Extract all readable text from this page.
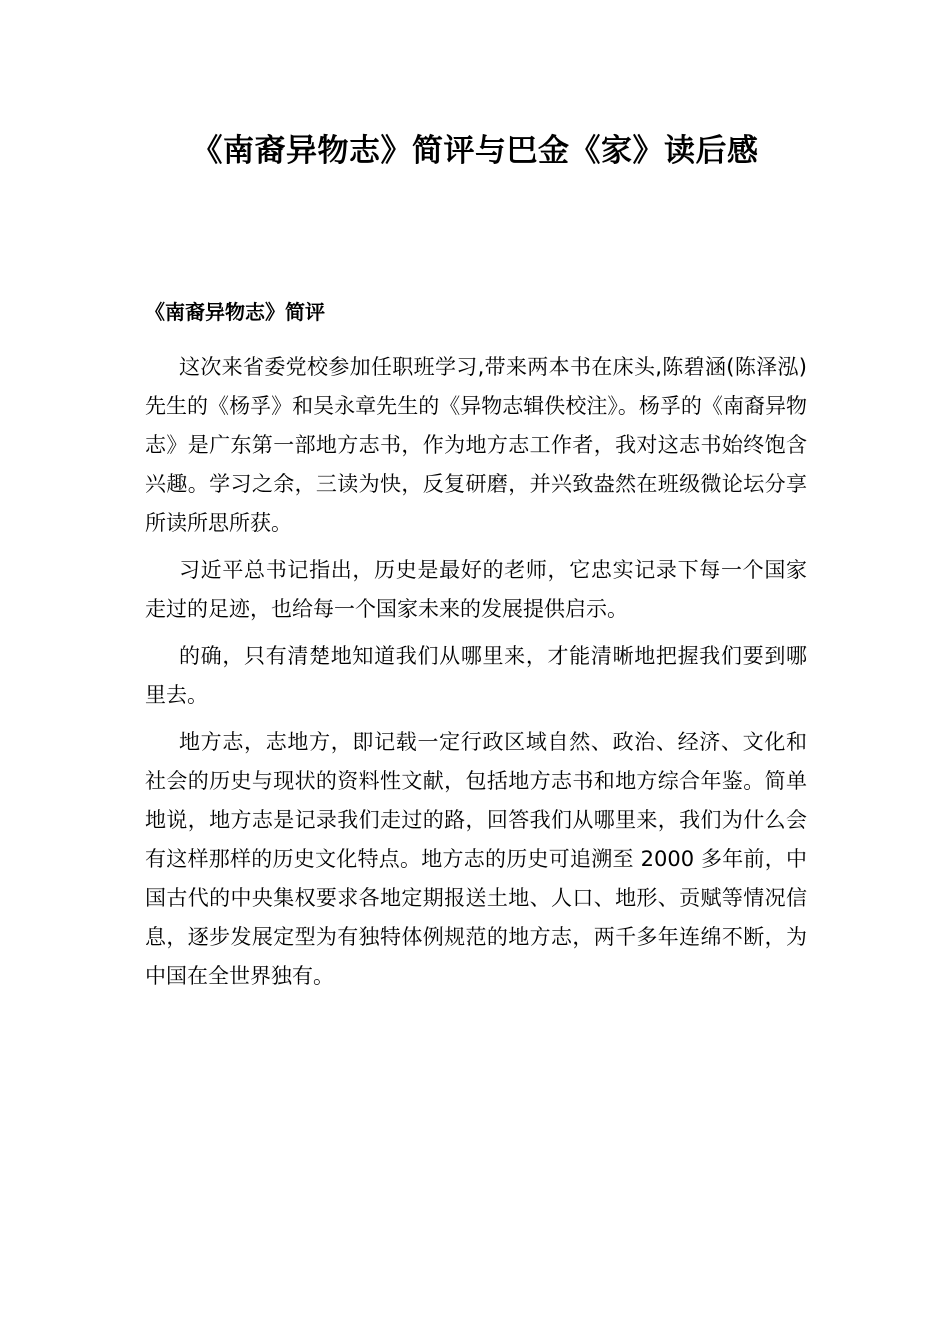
《南裔异物志》简评与巴金《家》读后感
《南裔异物志》简评

这次来省委党校参加任职班学习,带来两本书在床头,陈碧涵(陈泽泓)先生的《杨孚》和吴永章先生的《异物志辑佚校注》。杨孚的《南裔异物志》是广东第一部地方志书，作为地方志工作者，我对这志书始终饱含兴趣。学习之余，三读为快，反复研磨，并兴致盎然在班级微论坛分享所读所思所获。

习近平总书记指出，历史是最好的老师，它忠实记录下每一个国家走过的足迹，也给每一个国家未来的发展提供启示。

的确，只有清楚地知道我们从哪里来，才能清晰地把握我们要到哪里去。

地方志，志地方，即记载一定行政区域自然、政治、经济、文化和社会的历史与现状的资料性文献，包括地方志书和地方综合年鉴。简单地说，地方志是记录我们走过的路，回答我们从哪里来，我们为什么会有这样那样的历史文化特点。地方志的历史可追溯至 2000 多年前，中国古代的中央集权要求各地定期报送土地、人口、地形、贡赋等情况信息，逐步发展定型为有独特体例规范的地方志，两千多年连绵不断，为中国在全世界独有。
